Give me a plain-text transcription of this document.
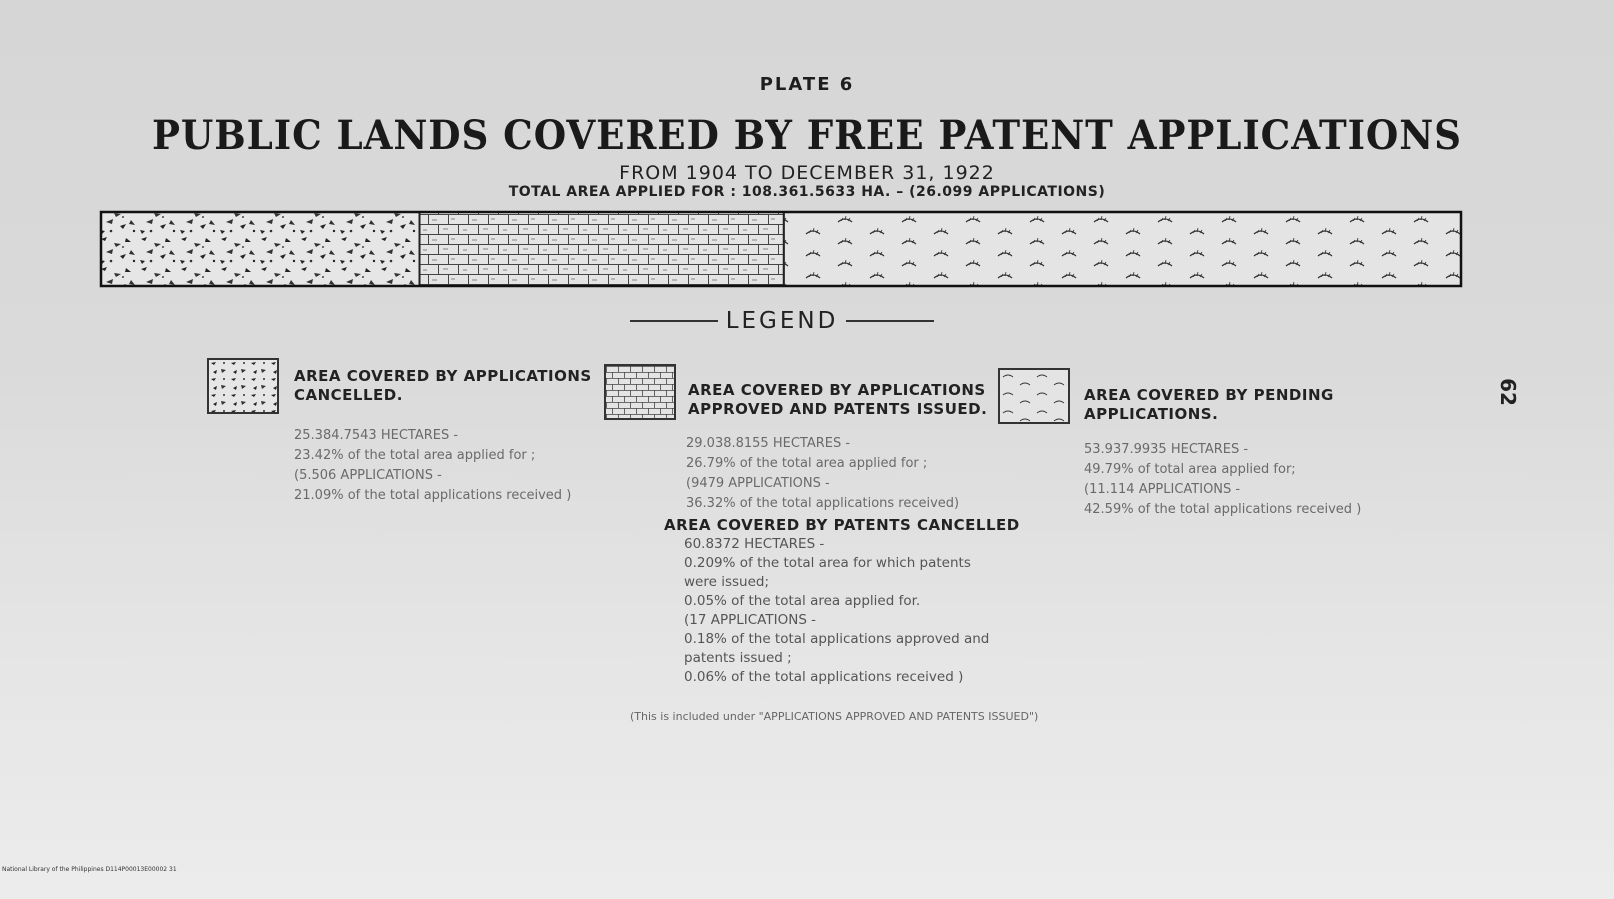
PLATE 6
PUBLIC LANDS COVERED BY FREE PATENT APPLICATIONS
FROM 1904 TO DECEMBER 31, 1922
TOTAL AREA APPLIED FOR : 108.361.5633 HA. – (26.099 APPLICATIONS)
LEGEND
AREA COVERED BY APPLICATIONS CANCELLED.
25.384.7543 HECTARES -
23.42% of the total area applied for ;
(5.506 APPLICATIONS -
21.09% of the total applications received )
AREA COVERED BY APPLICATIONS APPROVED AND PATENTS ISSUED.
29.038.8155 HECTARES -
26.79% of the total area applied for ;
(9479 APPLICATIONS -
36.32% of the total applications received)
AREA COVERED BY PATENTS CANCELLED
60.8372 HECTARES -
0.209% of the total area for which patents
were issued;
0.05% of the total area applied for.
(17 APPLICATIONS -
0.18% of the total applications approved and
patents issued ;
0.06% of the total applications received )
(This is included under "APPLICATIONS APPROVED AND PATENTS ISSUED")
AREA COVERED BY PENDING APPLICATIONS.
53.937.9935 HECTARES -
49.79% of total area applied for;
(11.114 APPLICATIONS -
42.59% of the total applications received )
62
National Library of the Philippines D114P00013E00002 31
